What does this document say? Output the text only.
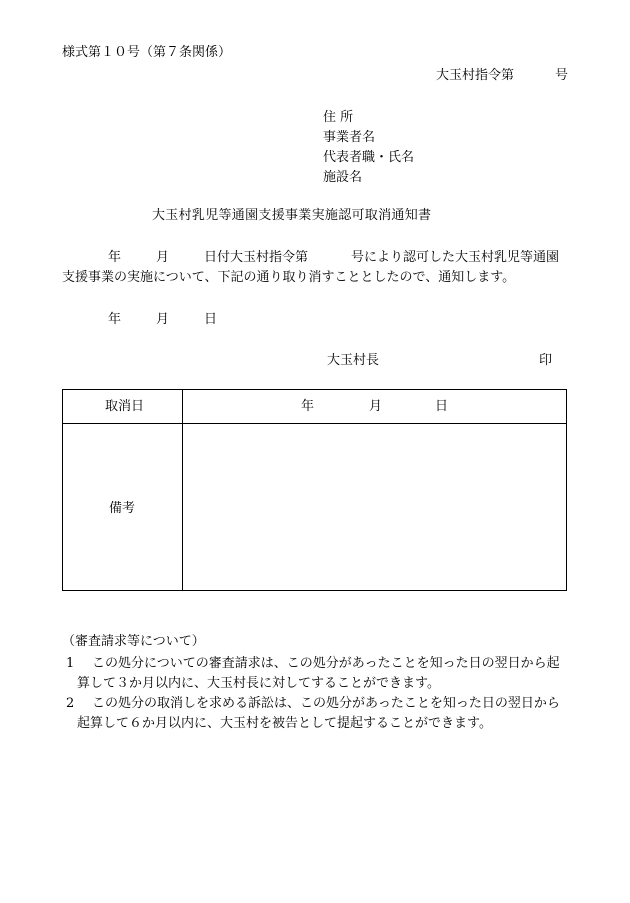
様式第１０号（第７条関係）
大玉村指令第	号
住 所
事業者名
代表者職・氏名
施設名
大玉村乳児等通園支援事業実施認可取消通知書
年	月	日付大玉村指令第	号により認可した大玉村乳児等通園
支援事業の実施について、下記の通り取り消すこととしたので、通知します。
年	月	日
大玉村長	印
取消日	年	月	日
備考
（審査請求等について）
1 この処分についての審査請求は、この処分があったことを知った日の翌日から起
算して３か月以内に、大玉村長に対してすることができます。
2 この処分の取消しを求める訴訟は、この処分があったことを知った日の翌日から
起算して６か月以内に、大玉村を被告として提起することができます。
